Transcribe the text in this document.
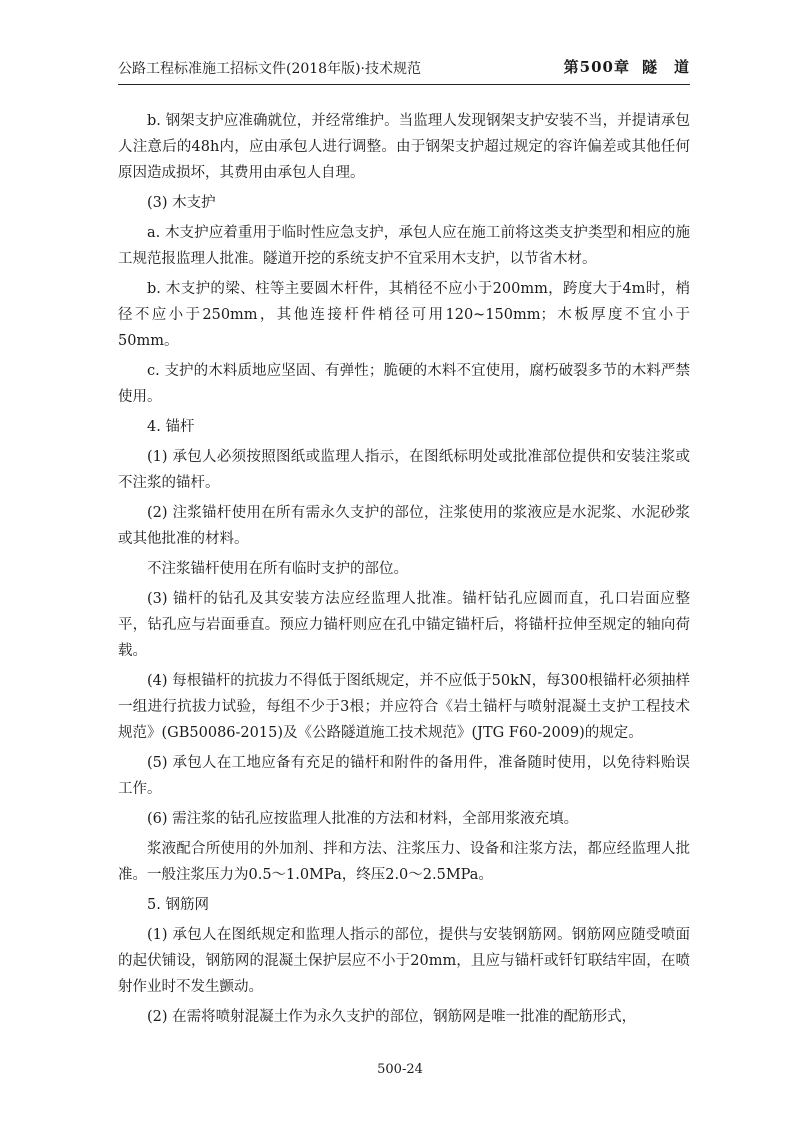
公路工程标准施工招标文件(2018年版)·技术规范	第500章 隧　道

b. 钢架支护应准确就位，并经常维护。当监理人发现钢架支护安装不当，并提请承包人注意后的48h内，应由承包人进行调整。由于钢架支护超过规定的容许偏差或其他任何原因造成损坏，其费用由承包人自理。

(3) 木支护

a. 木支护应着重用于临时性应急支护，承包人应在施工前将这类支护类型和相应的施工规范报监理人批准。隧道开挖的系统支护不宜采用木支护，以节省木材。

b. 木支护的梁、柱等主要圆木杆件，其梢径不应小于200mm，跨度大于4m时，梢径不应小于250mm，其他连接杆件梢径可用120~150mm；木板厚度不宜小于50mm。

c. 支护的木料质地应坚固、有弹性；脆硬的木料不宜使用，腐朽破裂多节的木料严禁使用。

4. 锚杆

(1) 承包人必须按照图纸或监理人指示，在图纸标明处或批准部位提供和安装注浆或不注浆的锚杆。

(2) 注浆锚杆使用在所有需永久支护的部位，注浆使用的浆液应是水泥浆、水泥砂浆或其他批准的材料。

不注浆锚杆使用在所有临时支护的部位。

(3) 锚杆的钻孔及其安装方法应经监理人批准。锚杆钻孔应圆而直，孔口岩面应整平，钻孔应与岩面垂直。预应力锚杆则应在孔中锚定锚杆后，将锚杆拉伸至规定的轴向荷载。

(4) 每根锚杆的抗拔力不得低于图纸规定，并不应低于50kN，每300根锚杆必须抽样一组进行抗拔力试验，每组不少于3根；并应符合《岩土锚杆与喷射混凝土支护工程技术规范》(GB50086-2015)及《公路隧道施工技术规范》(JTG F60-2009)的规定。

(5) 承包人在工地应备有充足的锚杆和附件的备用件，准备随时使用，以免待料贻误工作。

(6) 需注浆的钻孔应按监理人批准的方法和材料，全部用浆液充填。

浆液配合所使用的外加剂、拌和方法、注浆压力、设备和注浆方法，都应经监理人批准。一般注浆压力为0.5～1.0MPa，终压2.0～2.5MPa。

5. 钢筋网

(1) 承包人在图纸规定和监理人指示的部位，提供与安装钢筋网。钢筋网应随受喷面的起伏铺设，钢筋网的混凝土保护层应不小于20mm，且应与锚杆或钎钉联结牢固，在喷射作业时不发生颤动。

(2) 在需将喷射混凝土作为永久支护的部位，钢筋网是唯一批准的配筋形式，

500-24
